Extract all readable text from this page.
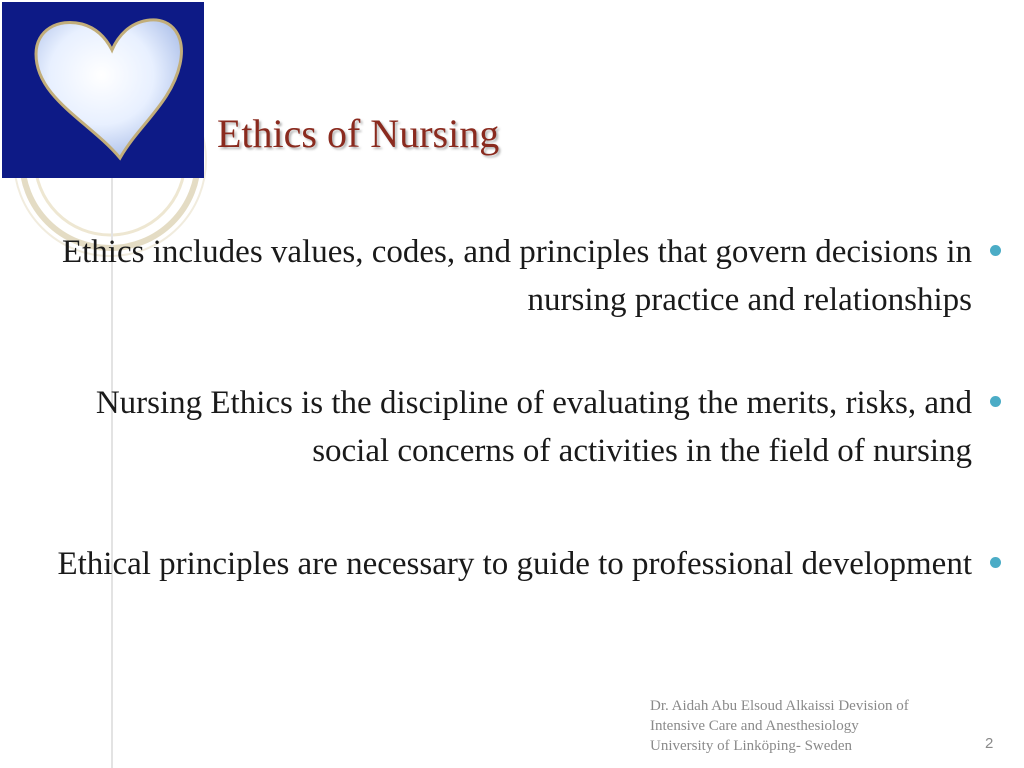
Ethics of Nursing
Ethics includes values, codes, and principles that govern decisions in nursing practice and relationships
Nursing Ethics is the discipline of evaluating the merits, risks, and social concerns of activities in the field of nursing
Ethical principles are necessary to guide to professional development
Dr. Aidah Abu Elsoud Alkaissi Devision of
Intensive Care and Anesthesiology
University of Linköping- Sweden	2
